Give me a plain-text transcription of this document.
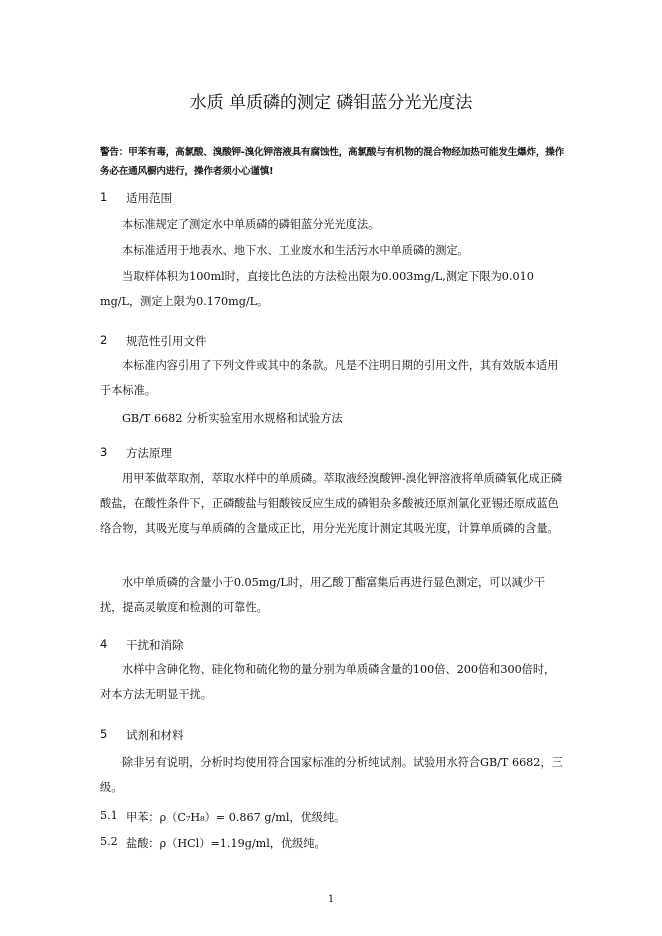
水质 单质磷的测定 磷钼蓝分光光度法
警告：甲苯有毒，高氯酸、溴酸钾-溴化钾溶液具有腐蚀性，高氯酸与有机物的混合物经加热可能发生爆炸，操作务必在通风橱内进行，操作者须小心谨慎!
1	适用范围
本标准规定了测定水中单质磷的磷钼蓝分光光度法。
本标准适用于地表水、地下水、工业废水和生活污水中单质磷的测定。
当取样体积为100ml时，直接比色法的方法检出限为0.003mg/L,测定下限为0.010 mg/L，测定上限为0.170mg/L。
2	规范性引用文件
本标准内容引用了下列文件或其中的条款。凡是不注明日期的引用文件，其有效版本适用于本标准。
GB/T 6682 分析实验室用水规格和试验方法
3	方法原理
用甲苯做萃取剂，萃取水样中的单质磷。萃取液经溴酸钾-溴化钾溶液将单质磷氧化成正磷酸盐，在酸性条件下，正磷酸盐与钼酸铵反应生成的磷钼杂多酸被还原剂氯化亚锡还原成蓝色络合物，其吸光度与单质磷的含量成正比，用分光光度计测定其吸光度，计算单质磷的含量。
水中单质磷的含量小于0.05mg/L时，用乙酸丁酯富集后再进行显色测定，可以减少干扰，提高灵敏度和检测的可靠性。
4	干扰和消除
水样中含砷化物、硅化物和硫化物的量分别为单质磷含量的100倍、200倍和300倍时，对本方法无明显干扰。
5	试剂和材料
除非另有说明，分析时均使用符合国家标准的分析纯试剂。试验用水符合GB/T 6682，三级。
5.1 甲苯：ρ（C₇H₈）= 0.867 g/ml，优级纯。
5.2 盐酸：ρ（HCl）=1.19g/ml，优级纯。
1
